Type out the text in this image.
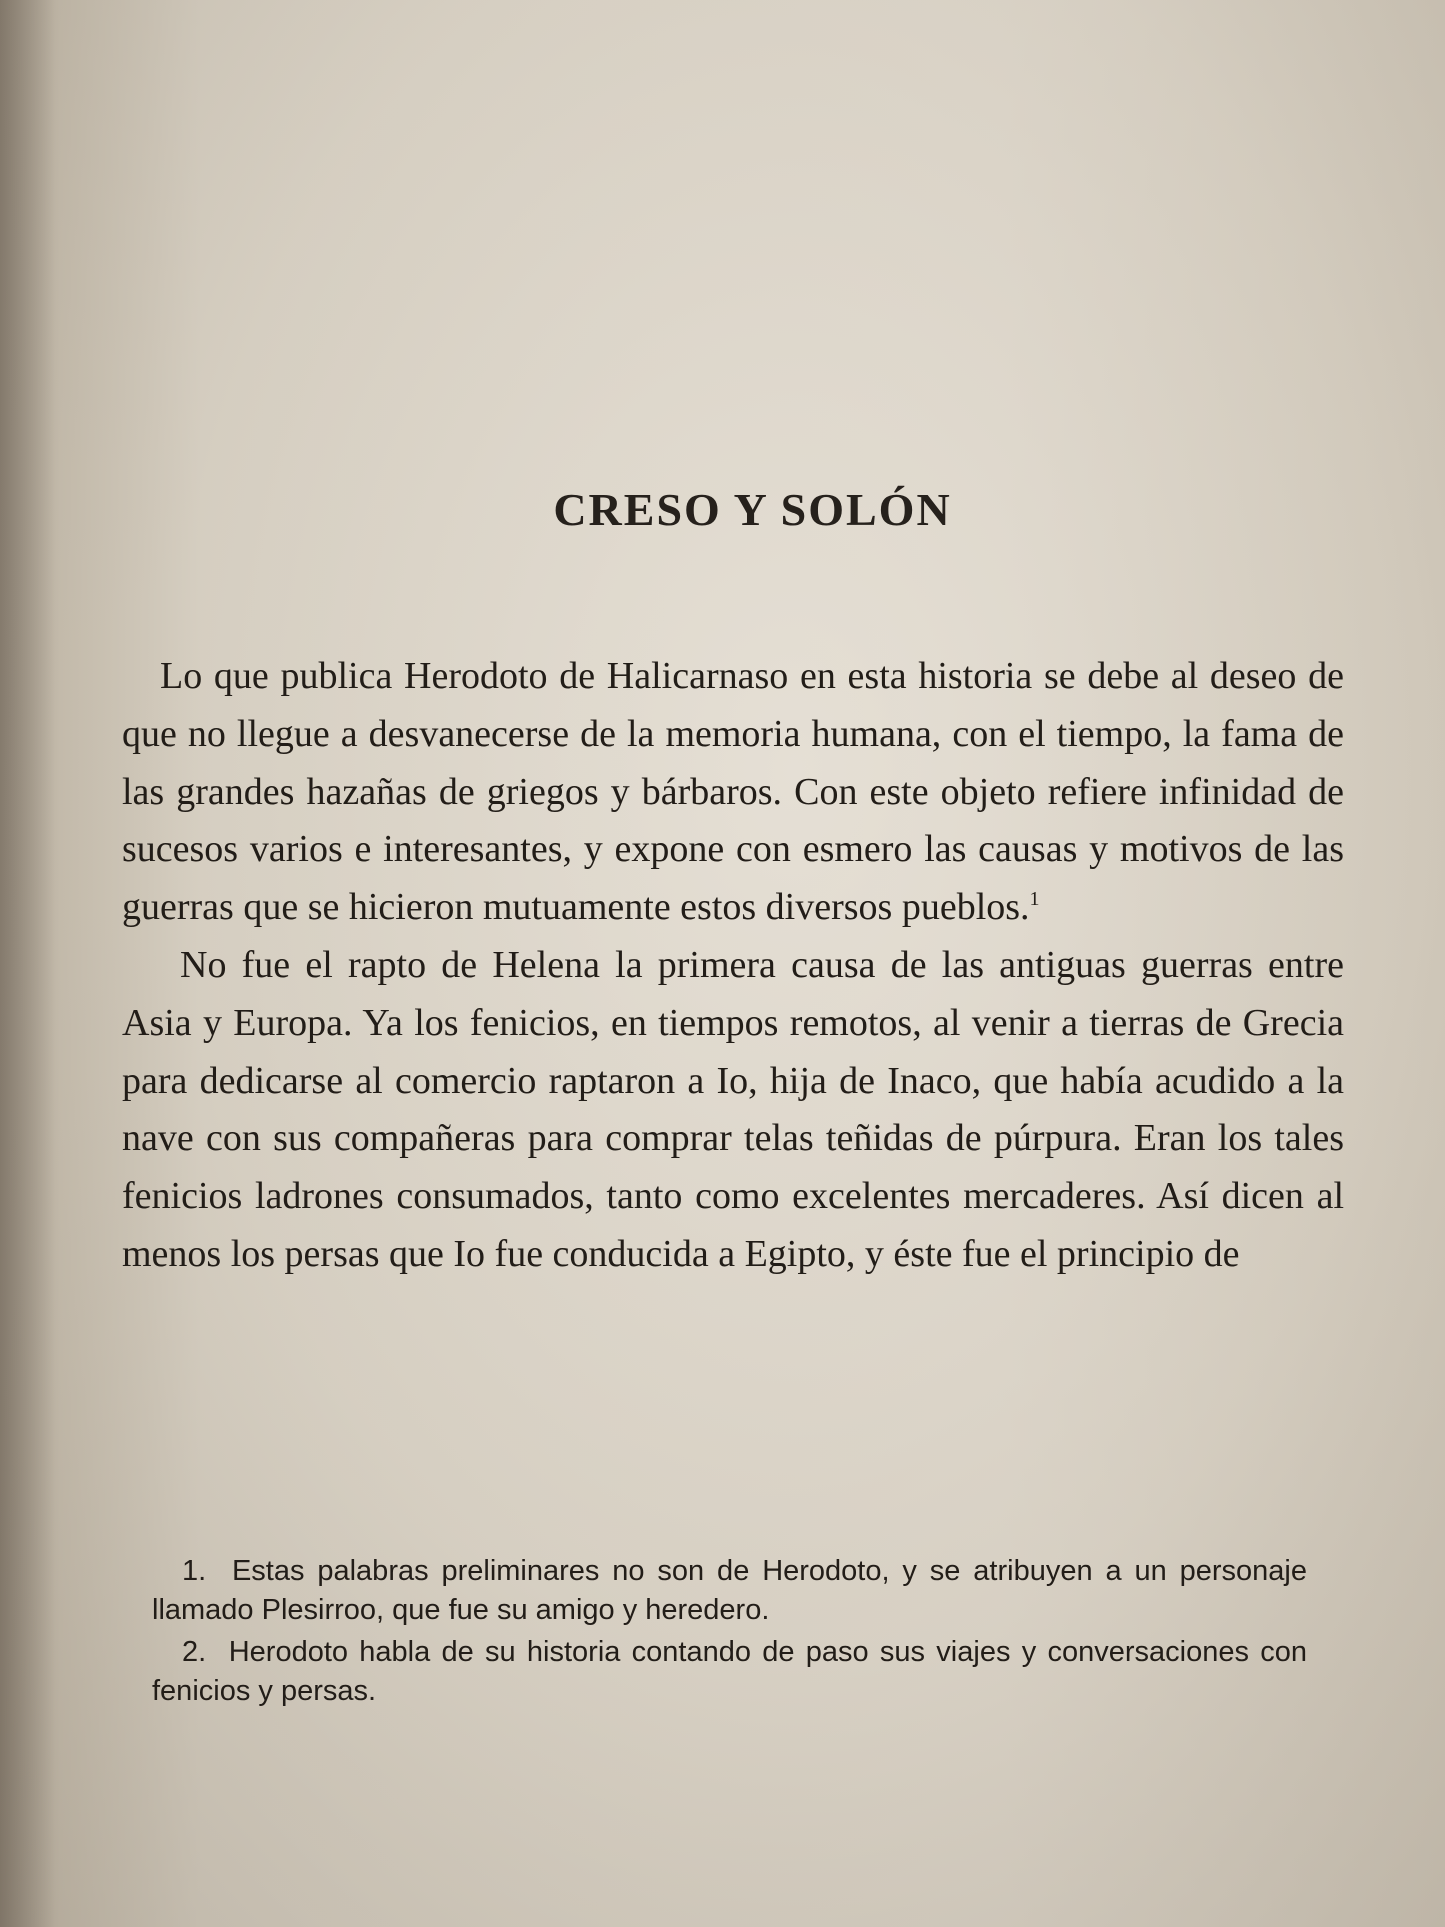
CRESO Y SOLÓN

Lo que publica Herodoto de Halicarnaso en esta historia se debe al deseo de que no llegue a desvanecerse de la memoria humana, con el tiempo, la fama de las grandes hazañas de griegos y bárbaros. Con este objeto refiere infinidad de sucesos varios e interesantes, y expone con esmero las causas y motivos de las guerras que se hicieron mutuamente estos diversos pueblos.$^1$

No fue el rapto de Helena la primera causa de las antiguas guerras entre Asia y Europa. Ya los fenicios, en tiempos remotos, al venir a tierras de Grecia para dedicarse al comercio raptaron a Io, hija de Inaco, que había acudido a la nave con sus compañeras para comprar telas teñidas de púrpura. Eran los tales fenicios ladrones consumados, tanto como excelentes mercaderes. Así dicen al menos los persas que Io fue conducida a Egipto, y éste fue el principio de

1. Estas palabras preliminares no son de Herodoto, y se atribuyen a un personaje llamado Plesirroo, que fue su amigo y heredero.

2. Herodoto habla de su historia contando de paso sus viajes y conversaciones con fenicios y persas.
